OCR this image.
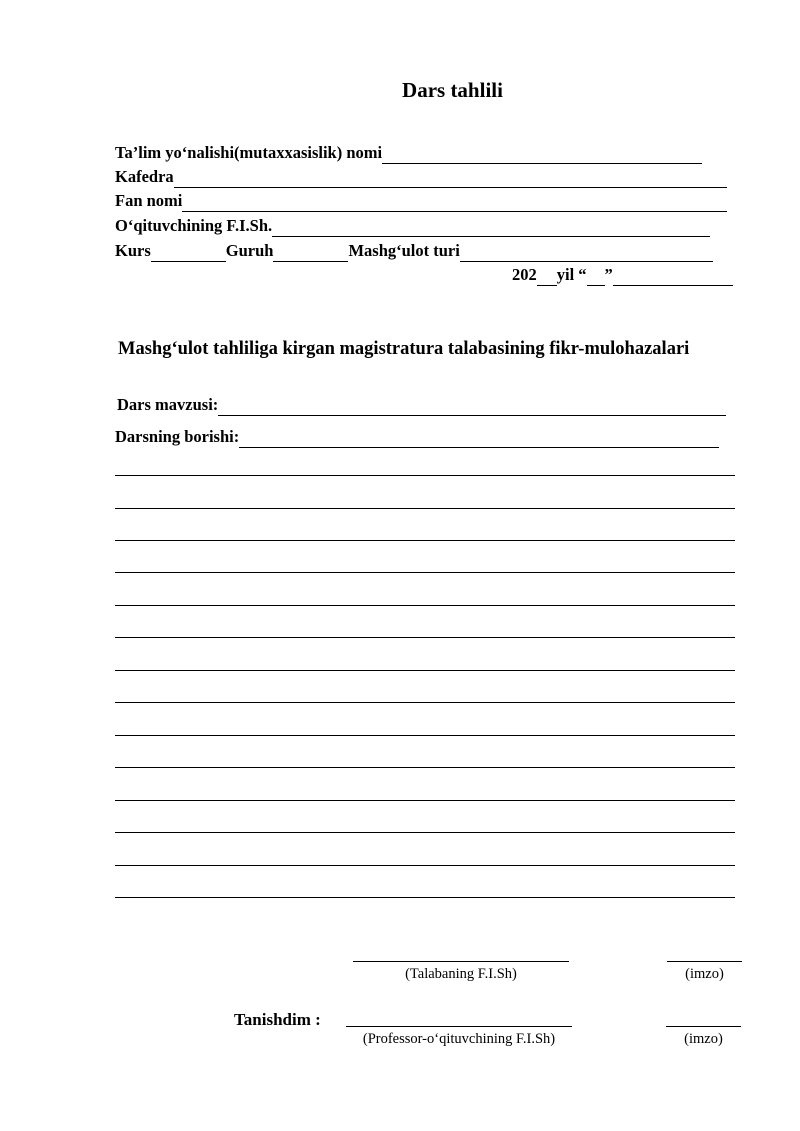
Dars tahlili
Ta’lim yo‘nalishi(mutaxxasislik) nomi
Kafedra
Fan nomi
O‘qituvchining F.I.Sh.
Kurs	Guruh	Mashg‘ulot turi
202 yil “ ”
Mashg‘ulot tahliliga kirgan magistratura talabasining fikr-mulohazalari
Dars mavzusi:
Darsning borishi:
(Talabaning F.I.Sh)	(imzo)
Tanishdim :
(Professor-o‘qituvchining F.I.Sh)	(imzo)
